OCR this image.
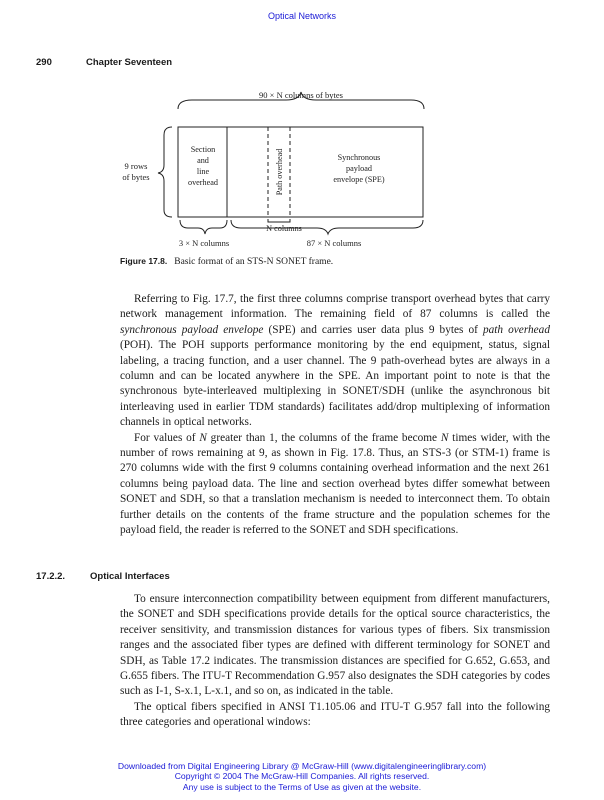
Optical Networks
290	Chapter Seventeen
90 × N columns of bytes
9 rows
of bytes
Section
and
line
overhead	Path overhead	Synchronous
payload
envelope (SPE)
N columns
3 × N columns	87 × N columns
Figure 17.8. Basic format of an STS-N SONET frame.

Referring to Fig. 17.7, the first three columns comprise transport overhead bytes that carry network management information. The remaining field of 87 columns is called the synchronous payload envelope (SPE) and carries user data plus 9 bytes of path overhead (POH). The POH supports performance monitoring by the end equipment, status, signal labeling, a tracing function, and a user channel. The 9 path-overhead bytes are always in a column and can be located anywhere in the SPE. An important point to note is that the synchronous byte-interleaved multiplexing in SONET/SDH (unlike the asynchronous bit interleaving used in earlier TDM standards) facilitates add/drop multiplexing of information channels in optical networks.

For values of N greater than 1, the columns of the frame become N times wider, with the number of rows remaining at 9, as shown in Fig. 17.8. Thus, an STS-3 (or STM-1) frame is 270 columns wide with the first 9 columns containing overhead information and the next 261 columns being payload data. The line and section overhead bytes differ somewhat between SONET and SDH, so that a translation mechanism is needed to interconnect them. To obtain further details on the contents of the frame structure and the population schemes for the payload field, the reader is referred to the SONET and SDH specifications.

17.2.2.	Optical Interfaces

To ensure interconnection compatibility between equipment from different manufacturers, the SONET and SDH specifications provide details for the optical source characteristics, the receiver sensitivity, and transmission distances for various types of fibers. Six transmission ranges and the associated fiber types are defined with different terminology for SONET and SDH, as Table 17.2 indicates. The transmission distances are specified for G.652, G.653, and G.655 fibers. The ITU-T Recommendation G.957 also designates the SDH categories by codes such as I-1, S-x.1, L-x.1, and so on, as indicated in the table.

The optical fibers specified in ANSI T1.105.06 and ITU-T G.957 fall into the following three categories and operational windows:

Downloaded from Digital Engineering Library @ McGraw-Hill (www.digitalengineeringlibrary.com)
Copyright © 2004 The McGraw-Hill Companies. All rights reserved.
Any use is subject to the Terms of Use as given at the website.
